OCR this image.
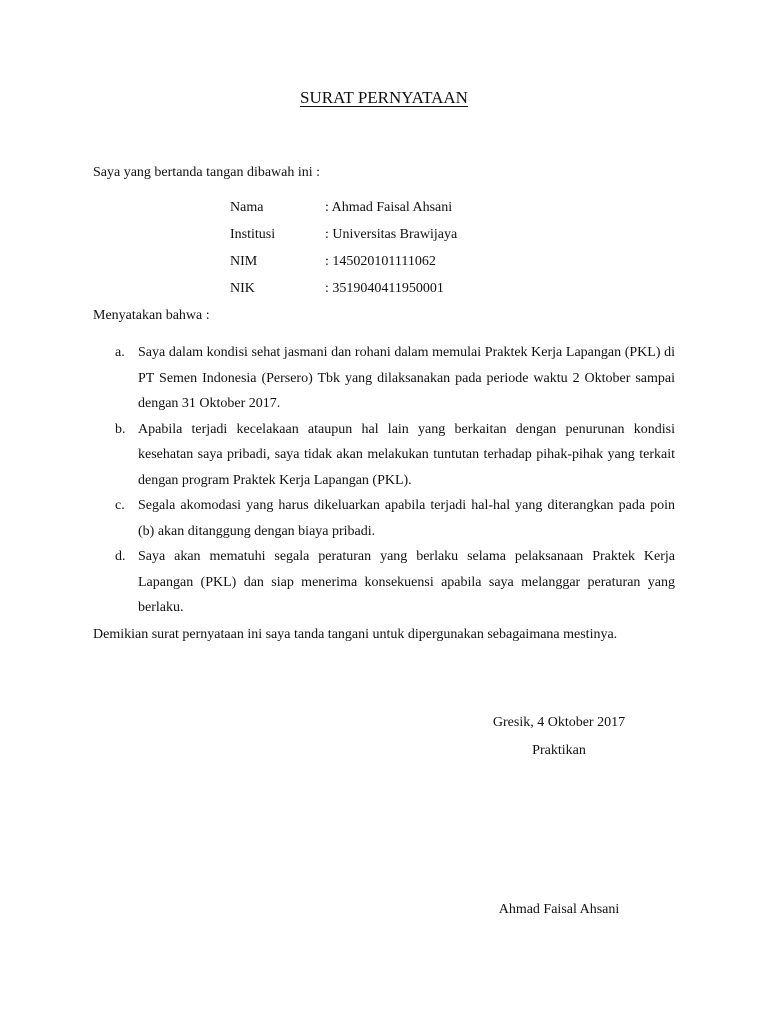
SURAT PERNYATAAN
Saya yang bertanda tangan dibawah ini :
Nama	: Ahmad Faisal Ahsani
Institusi	: Universitas Brawijaya
NIM	: 145020101111062
NIK	: 3519040411950001
Menyatakan bahwa :
a. Saya dalam kondisi sehat jasmani dan rohani dalam memulai Praktek Kerja Lapangan (PKL) di PT Semen Indonesia (Persero) Tbk yang dilaksanakan pada periode waktu 2 Oktober sampai dengan 31 Oktober 2017.
b. Apabila terjadi kecelakaan ataupun hal lain yang berkaitan dengan penurunan kondisi kesehatan saya pribadi, saya tidak akan melakukan tuntutan terhadap pihak-pihak yang terkait dengan program Praktek Kerja Lapangan (PKL).
c. Segala akomodasi yang harus dikeluarkan apabila terjadi hal-hal yang diterangkan pada poin (b) akan ditanggung dengan biaya pribadi.
d. Saya akan mematuhi segala peraturan yang berlaku selama pelaksanaan Praktek Kerja Lapangan (PKL) dan siap menerima konsekuensi apabila saya melanggar peraturan yang berlaku.
Demikian surat pernyataan ini saya tanda tangani untuk dipergunakan sebagaimana mestinya.
Gresik, 4 Oktober 2017
Praktikan
Ahmad Faisal Ahsani
